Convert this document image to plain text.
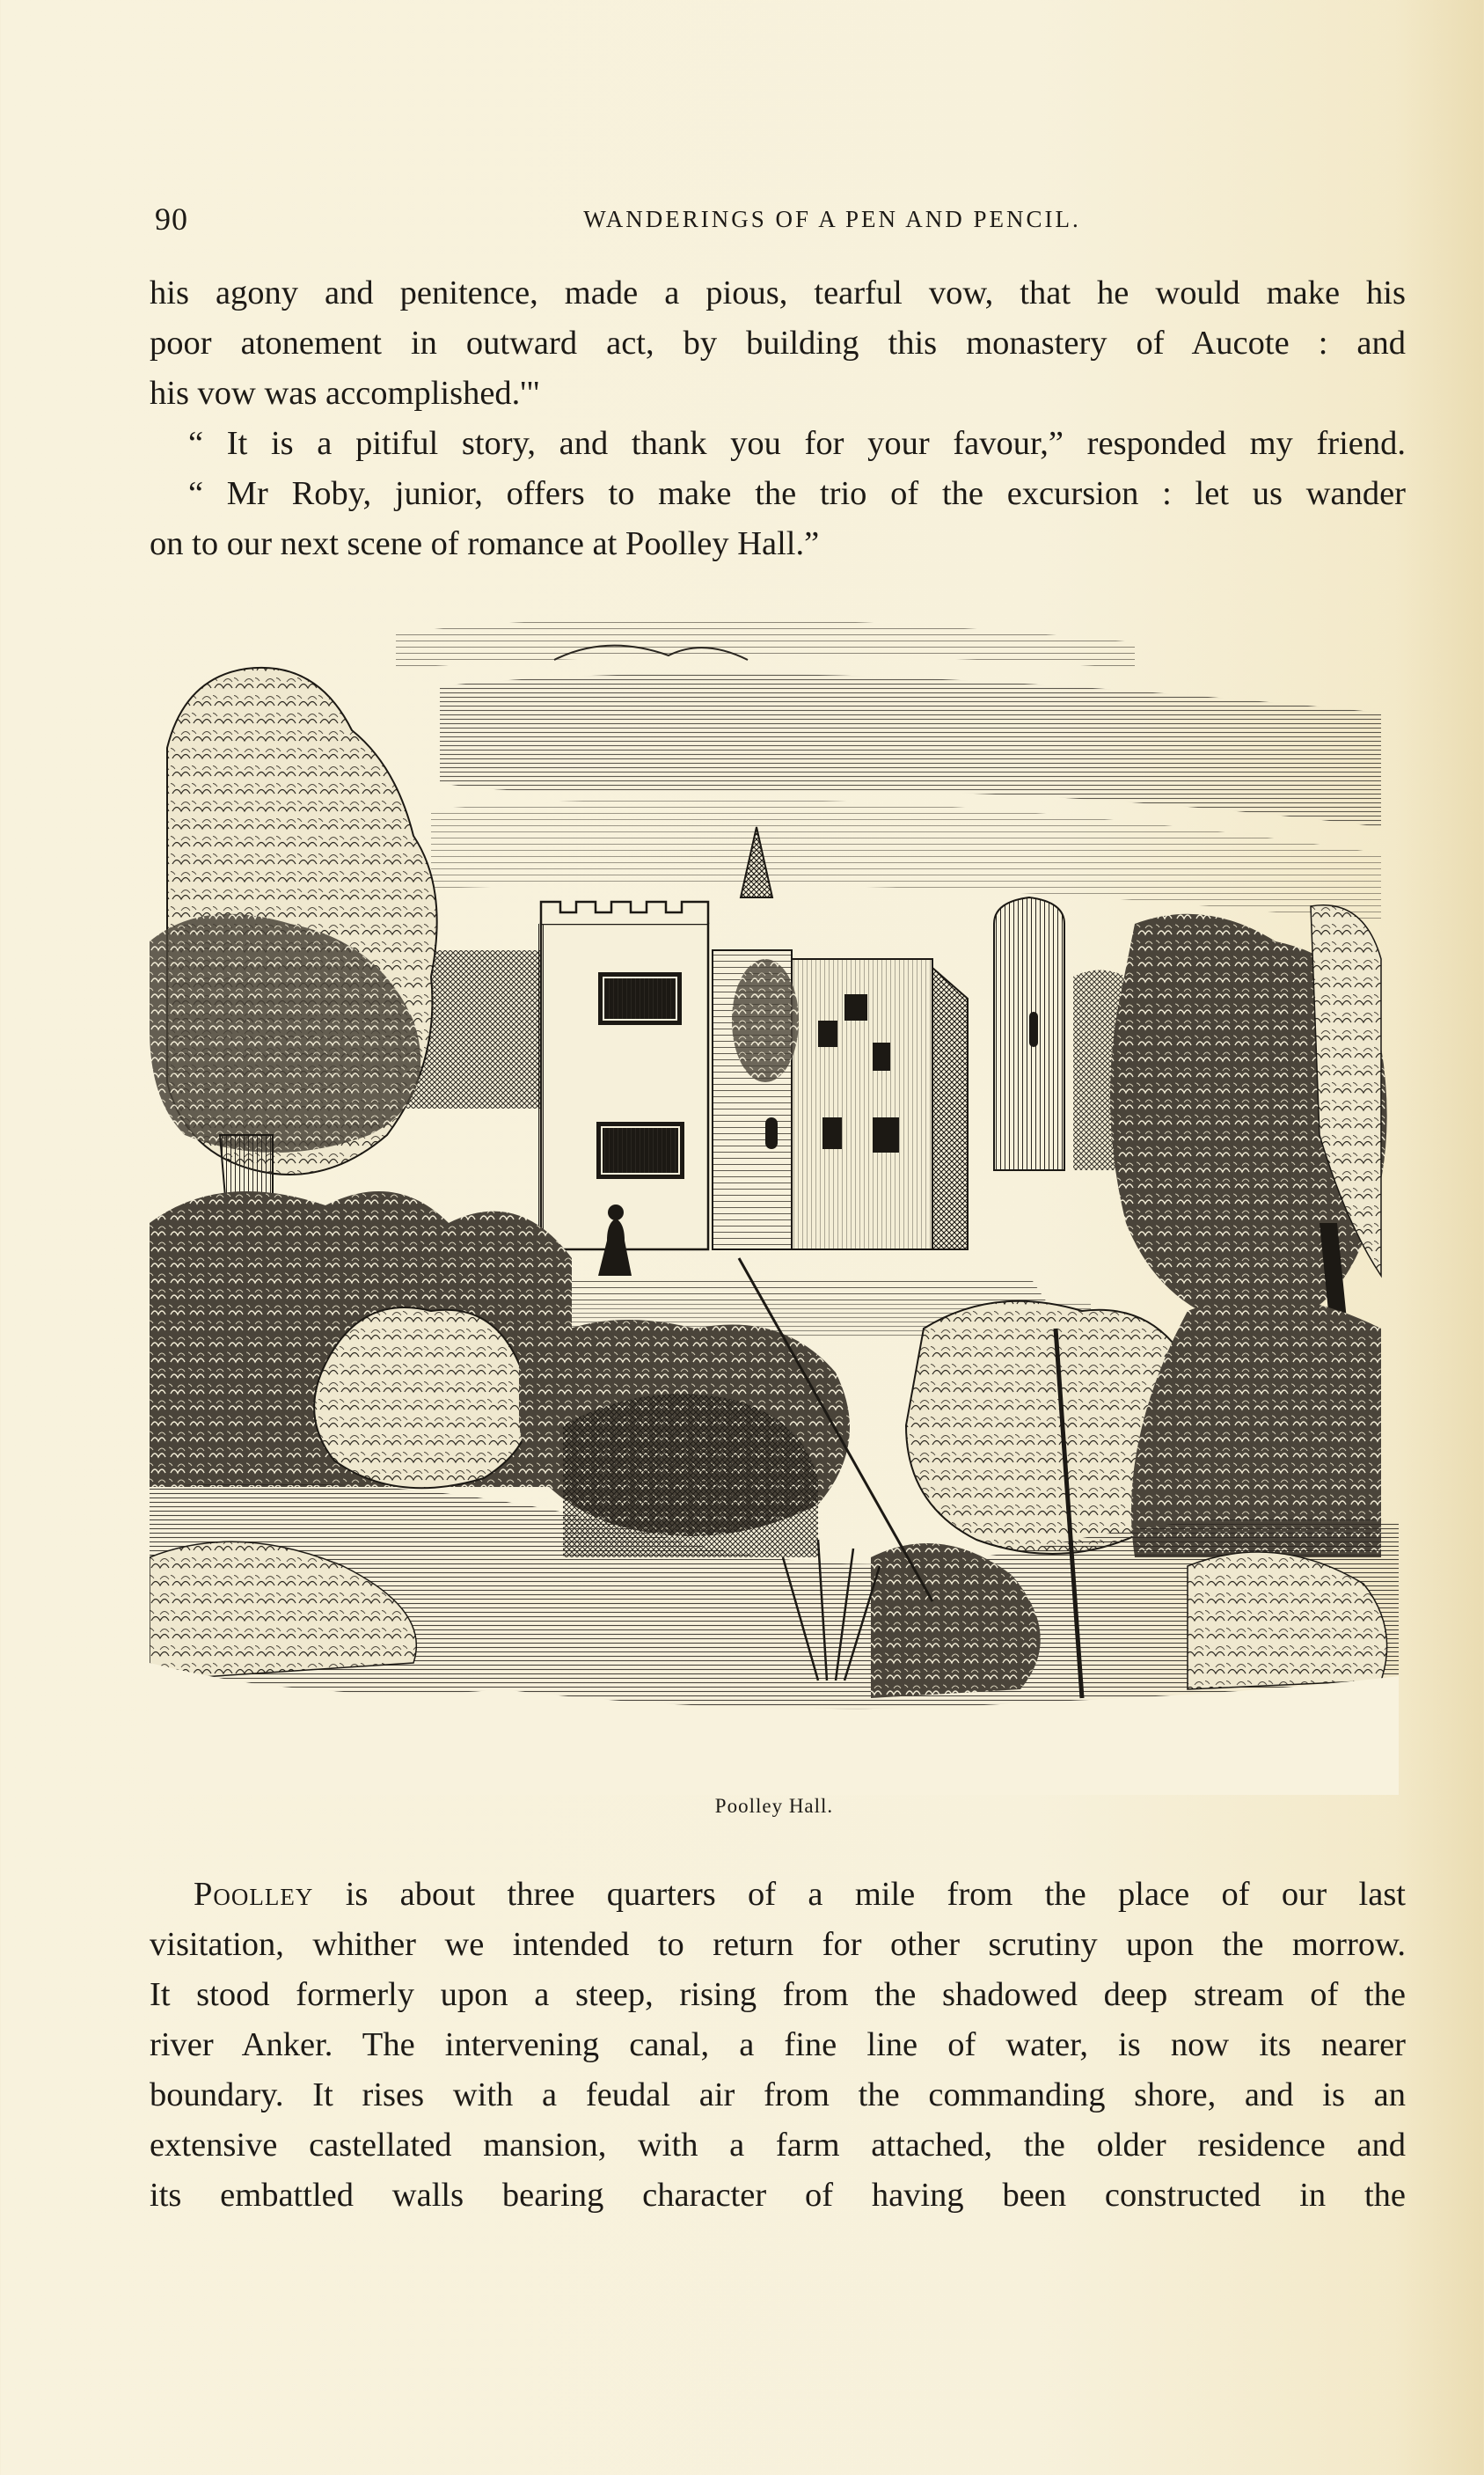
90	WANDERINGS OF A PEN AND PENCIL.
his agony and penitence, made a pious, tearful vow, that he would make his
poor atonement in outward act, by building this monastery of Aucote : and
his vow was accomplished.'"
“ It is a pitiful story, and thank you for your favour,” responded my friend.
“ Mr Roby, junior, offers to make the trio of the excursion : let us wander
on to our next scene of romance at Poolley Hall.”
Poolley Hall.
Poolley is about three quarters of a mile from the place of our last
visitation, whither we intended to return for other scrutiny upon the morrow.
It stood formerly upon a steep, rising from the shadowed deep stream of the
river Anker. The intervening canal, a fine line of water, is now its nearer
boundary. It rises with a feudal air from the commanding shore, and is an
extensive castellated mansion, with a farm attached, the older residence and
its embattled walls bearing character of having been constructed in the
